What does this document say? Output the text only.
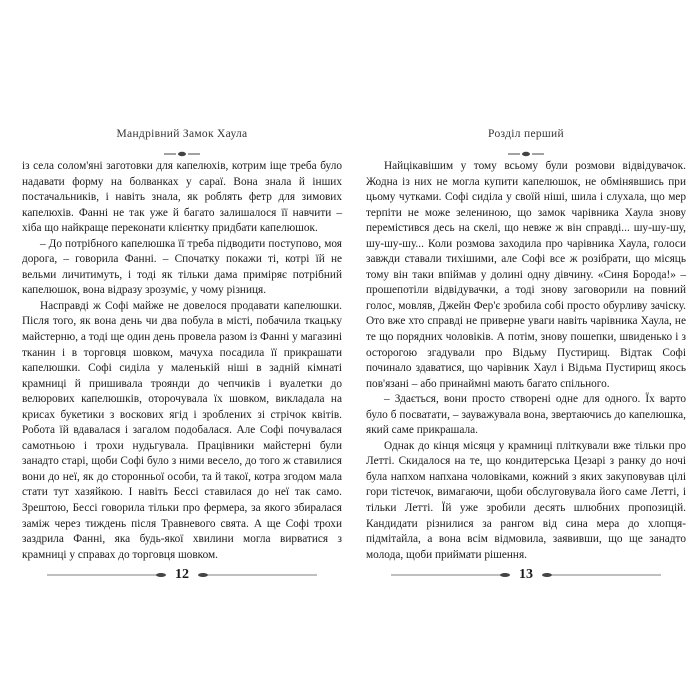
Мандрівний Замок Хаула

із села солом'яні заготовки для капелюхів, котрим іще треба було надавати форму на болванках у сараї. Вона знала й інших постачальників, і навіть знала, як роблять фетр для зимових капелюхів. Фанні не так уже й багато залишалося її навчити – хіба що найкраще переконати клієнтку придбати капелюшок.

– До потрібного капелюшка її треба підводити поступово, моя дорога, – говорила Фанні. – Спочатку покажи ті, котрі їй не вельми личитимуть, і тоді як тільки дама приміряє потрібний капелюшок, вона відразу зрозуміє, у чому різниця.

Насправді ж Софі майже не довелося продавати капелюшки. Після того, як вона день чи два побула в місті, побачила ткацьку майстерню, а тоді ще один день провела разом із Фанні у магазині тканин і в торговця шовком, мачуха посадила її прикрашати капелюшки. Софі сиділа у маленькій ніші в задній кімнаті крамниці й пришивала троянди до чепчиків і вуалетки до велюрових капелюшків, оторочувала їх шовком, викладала на крисах букетики з воскових ягід і зроблених зі стрічок квітів. Робота їй вдавалася і загалом подобалася. Але Софі почувалася самотньою і трохи нудьгувала. Працівники майстерні були занадто старі, щоби Софі було з ними весело, до того ж ставилися вони до неї, як до сторонньої особи, та й такої, котра згодом мала стати тут хазяйкою. І навіть Бессі ставилася до неї так само. Зрештою, Бессі говорила тільки про фермера, за якого збиралася заміж через тиждень після Травневого свята. А ще Софі трохи заздрила Фанні, яка будь-якої хвилини могла вирватися з крамниці у справах до торговця шовком.

12
Розділ перший

Найцікавішим у тому всьому були розмови відвідувачок. Жодна із них не могла купити капелюшок, не обмінявшись при цьому чутками. Софі сиділа у своїй ніші, шила і слухала, що мер терпіти не може зелениною, що замок чарівника Хаула знову перемістився десь на скелі, що невже ж він справді... шу-шу-шу, шу-шу-шу... Коли розмова заходила про чарівника Хаула, голоси завжди ставали тихішими, але Софі все ж розібрати, що місяць тому він таки впіймав у долині одну дівчину. «Синя Борода!» – прошепотіли відвідувачки, а тоді знову заговорили на повний голос, мовляв, Джейн Фер'є зробила собі просто обурливу зачіску. Ото вже хто справді не приверне уваги навіть чарівника Хаула, не те що порядних чоловіків. А потім, знову пошепки, швиденько і з осторогою згадували про Відьму Пустирищ. Відтак Софі починало здаватися, що чарівник Хаул і Відьма Пустирищ якось пов'язані – або принаймні мають багато спільного.

– Здається, вони просто створені одне для одного. Їх варто було б посватати, – зауважувала вона, звертаючись до капелюшка, який саме прикрашала.

Однак до кінця місяця у крамниці пліткували вже тільки про Летті. Скидалося на те, що кондитерська Цезарі з ранку до ночі була напхом напхана чоловіками, кожний з яких закуповував цілі гори тістечок, вимагаючи, щоби обслуговувала його саме Летті, і тільки Летті. Їй уже зробили десять шлюбних пропозицій. Кандидати різнилися за рангом від сина мера до хлопця-підмітайла, а вона всім відмовила, заявивши, що ще занадто молода, щоби приймати рішення.

13
